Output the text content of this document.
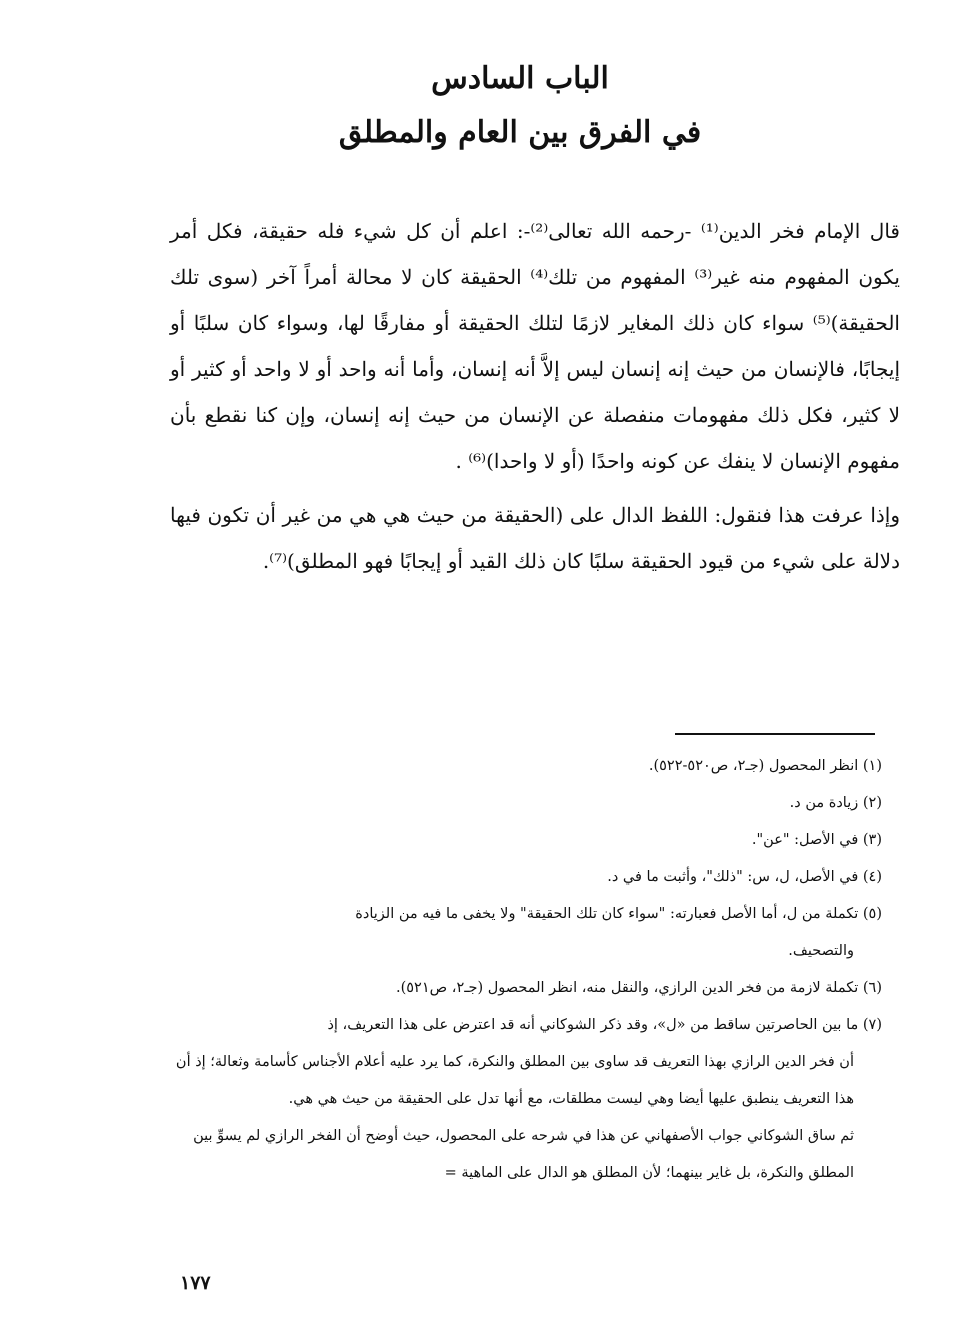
الباب السادس
في الفرق بين العام والمطلق

قال الإمام فخر الدين⁽¹⁾ -رحمه الله تعالى⁽²⁾-: اعلم أن كل شيء فله حقيقة، فكل أمر يكون المفهوم منه غير⁽³⁾ المفهوم من تلك⁽⁴⁾ الحقيقة كان لا محالة أمراً آخر (سوى تلك الحقيقة)⁽⁵⁾ سواء كان ذلك المغاير لازمًا لتلك الحقيقة أو مفارقًا لها، وسواء كان سلبًا أو إيجابًا، فالإنسان من حيث إنه إنسان ليس إلاَّ أنه إنسان، وأما أنه واحد أو لا واحد أو كثير أو لا كثير، فكل ذلك مفهومات منفصلة عن الإنسان من حيث إنه إنسان، وإن كنا نقطع بأن مفهوم الإنسان لا ينفك عن كونه واحدًا (أو لا واحدا)⁽⁶⁾ .

وإذا عرفت هذا فنقول: اللفظ الدال على (الحقيقة من حيث هي هي من غير أن تكون فيها دلالة على شيء من قيود الحقيقة سلبًا كان ذلك القيد أو إيجابًا فهو المطلق)⁽⁷⁾.

(١) انظر المحصول (جـ٢، ص٥٢٠-٥٢٢).

(٢) زيادة من د.

(٣) في الأصل: "عن".

(٤) في الأصل، ل، س: "ذلك"، وأثبت ما في د.

(٥) تكملة من ل، أما الأصل فعبارته: "سواء كان تلك الحقيقة" ولا يخفى ما فيه من الزيادة

والتصحيف.

(٦) تكملة لازمة من فخر الدين الرازي، والنقل منه، انظر المحصول (جـ٢، ص٥٢١).

(٧) ما بين الحاصرتين ساقط من «ل»، وقد ذكر الشوكاني أنه قد اعترض على هذا التعريف، إذ

أن فخر الدين الرازي بهذا التعريف قد ساوى بين المطلق والنكرة، كما يرد عليه أعلام الأجناس كأسامة وثعالة؛ إذ أن هذا التعريف ينطبق عليها أيضا وهي ليست مطلقات، مع أنها تدل على الحقيقة من حيث هي هي.

ثم ساق الشوكاني جواب الأصفهاني عن هذا في شرحه على المحصول، حيث أوضح أن الفخر الرازي لم يسوِّ بين المطلق والنكرة، بل غاير بينهما؛ لأن المطلق هو الدال على الماهية =

١٧٧
